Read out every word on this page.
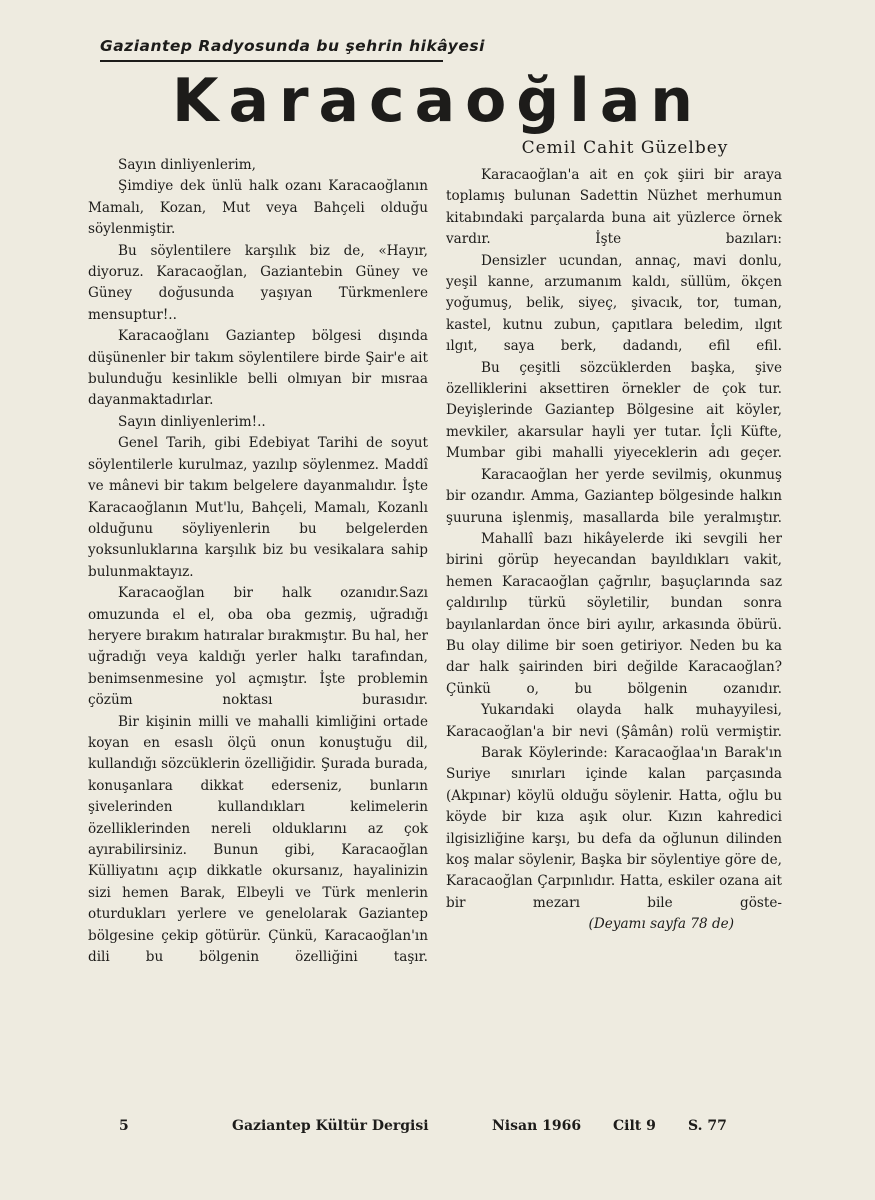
Gaziantep Radyosunda bu şehrin hikâyesi
Karacaoğlan
Cemil Cahit Güzelbey

Sayın dinliyenlerim,

Şimdiye dek ünlü halk ozanı Karacaoğlanın Mamalı, Kozan, Mut veya Bahçeli olduğu söylenmiştir.

Bu söylentilere karşılık biz de, «Hayır, diyoruz. Karacaoğlan, Gaziantebin Güney ve Güney doğusunda yaşıyan Türkmenlere mensuptur!..

Karacaoğlanı Gaziantep bölgesi dışında düşünenler bir takım söylentilere birde Şair'e ait bulunduğu kesinlikle belli olmıyan bir mısraa dayanmaktadırlar.

Sayın dinliyenlerim!..

Genel Tarih, gibi Edebiyat Tarihi de soyut söylentilerle kurulmaz, yazılıp söylenmez. Maddî ve mânevi bir takım belgelere dayanmalıdır. İşte Karacaoğlanın Mut'lu, Bahçeli, Mamalı, Kozanlı olduğunu söyliyenlerin bu belgelerden yoksunluklarına karşılık biz bu vesikalara sahip bulunmaktayız.

Karacaoğlan bir halk ozanıdır.Sazı omuzunda el el, oba oba gezmiş, uğradığı heryere bırakım hatıralar bırakmıştır. Bu hal, her uğradığı veya kaldığı yerler halkı tarafından, benimsenmesine yol açmıştır. İşte problemin çözüm noktası burasıdır.

Bir kişinin milli ve mahalli kimliğini ortade koyan en esaslı ölçü onun konuştuğu dil, kullandığı sözcüklerin özelliğidir. Şurada burada, konuşanlara dikkat ederseniz, bunların şivelerinden kullandıkları kelimelerin özelliklerinden nereli olduklarını az çok ayırabilirsiniz. Bunun gibi, Karacaoğlan Külliyatını açıp dikkatle okursanız, hayalinizin sizi hemen Barak, Elbeyli ve Türk menlerin oturdukları yerlere ve genelolarak Gaziantep bölgesine çekip götürür. Çünkü, Karacaoğlan'ın dili bu bölgenin özelliğini taşır.

Karacaoğlan'a ait en çok şiiri bir araya toplamış bulunan Sadettin Nüzhet merhumun kitabındaki parçalarda buna ait yüzlerce örnek vardır. İşte bazıları:

Densizler ucundan, annaç, mavi donlu, yeşil kanne, arzumanım kaldı, süllüm, ökçen yoğumuş, belik, siyeç, şivacık, tor, tuman, kastel, kutnu zubun, çapıtlara beledim, ılgıt ılgıt, saya berk, dadandı, efil efil.

Bu çeşitli sözcüklerden başka, şive özelliklerini aksettiren örnekler de çok tur. Deyişlerinde Gaziantep Bölgesine ait köyler, mevkiler, akarsular hayli yer tutar. İçli Küfte, Mumbar gibi mahalli yiyeceklerin adı geçer.

Karacaoğlan her yerde sevilmiş, okunmuş bir ozandır. Amma, Gaziantep bölgesinde halkın şuuruna işlenmiş, masallarda bile yeralmıştır.

Mahallî bazı hikâyelerde iki sevgili her birini görüp heyecandan bayıldıkları vakit, hemen Karacaoğlan çağrılır, başuçlarında saz çaldırılıp türkü söyletilir, bundan sonra bayılanlardan önce biri ayılır, arkasında öbürü. Bu olay dilime bir soen getiriyor. Neden bu ka dar halk şairinden biri değilde Karacaoğlan? Çünkü o, bu bölgenin ozanıdır.

Yukarıdaki olayda halk muhayyilesi, Karacaoğlan'a bir nevi (Şâmân) rolü vermiştir.

Barak Köylerinde: Karacaoğlaa'ın Barak'ın Suriye sınırları içinde kalan parçasında (Akpınar) köylü olduğu söylenir. Hatta, oğlu bu köyde bir kıza aşık olur. Kızın kahredici ilgisizliğine karşı, bu defa da oğlunun dilinden koş malar söylenir, Başka bir söylentiye göre de, Karacaoğlan Çarpınlıdır. Hatta, eskiler ozana ait bir mezarı bile göste-

(Deyamı sayfa 78 de)

5	Gaziantep Kültür Dergisi	Nisan 1966 Cilt 9 S. 77
